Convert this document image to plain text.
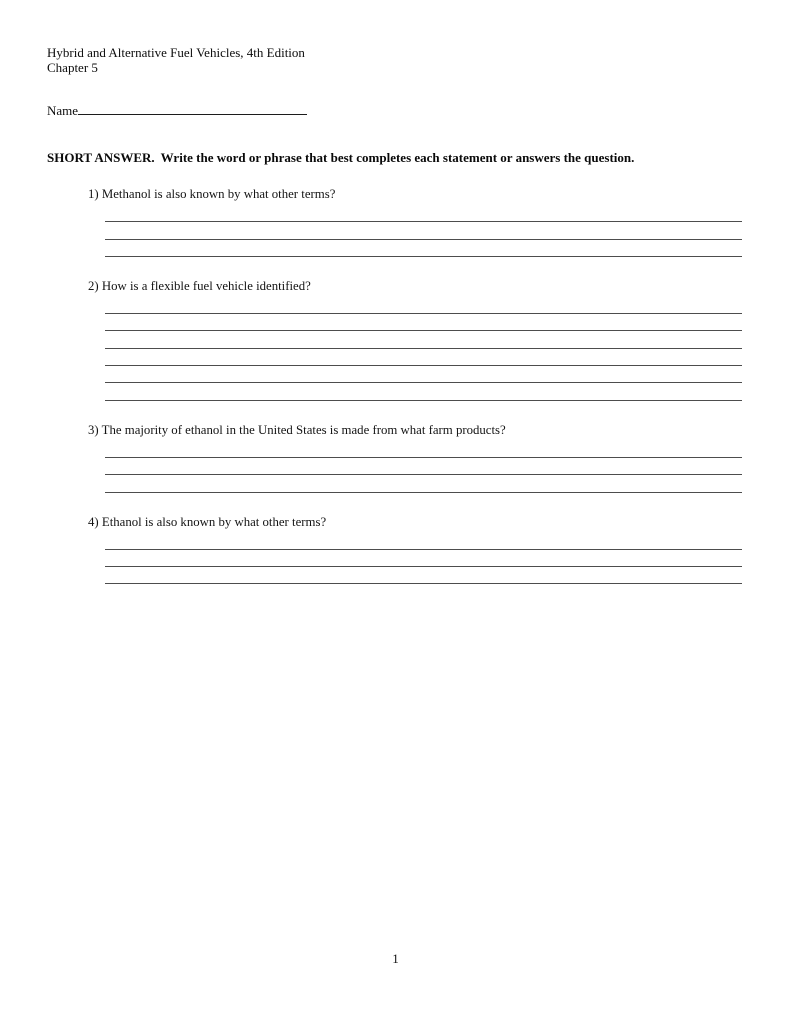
Hybrid and Alternative Fuel Vehicles, 4th Edition
Chapter 5
Name

SHORT ANSWER. Write the word or phrase that best completes each statement or answers the question.

1) Methanol is also known by what other terms?

2) How is a flexible fuel vehicle identified?

3) The majority of ethanol in the United States is made from what farm products?

4) Ethanol is also known by what other terms?

1
